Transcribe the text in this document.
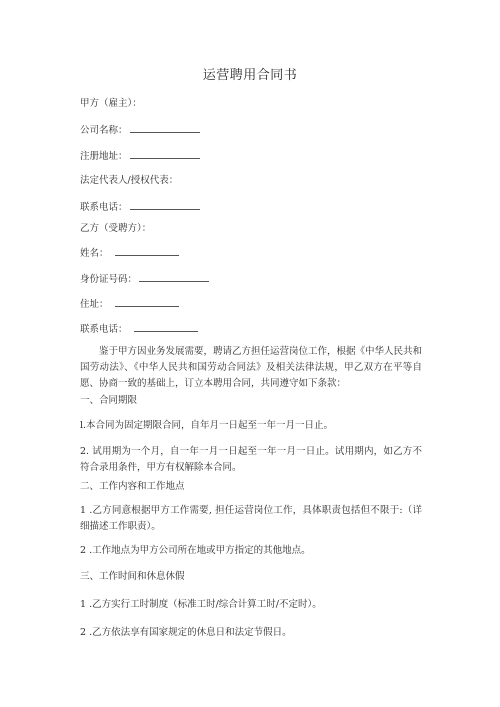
运营聘用合同书
甲方（雇主）：
公司名称：
注册地址：
法定代表人/授权代表：
联系电话：
乙方（受聘方）：
姓名：
身份证号码：
住址：
联系电话：
鉴于甲方因业务发展需要，聘请乙方担任运营岗位工作，根据《中华人民共和国劳动法》、《中华人民共和国劳动合同法》及相关法律法规，甲乙双方在平等自愿、协商一致的基础上，订立本聘用合同，共同遵守如下条款：
一、合同期限
l.本合同为固定期限合同，自年月一日起至一年一月一日止。
2. 试用期为一个月，自一年一月一日起至一年一月一日止。试用期内，如乙方不符合录用条件，甲方有权解除本合同。
二、工作内容和工作地点
1 .乙方同意根据甲方工作需要, 担任运营岗位工作，具体职责包括但不限于:（详细描述工作职责）。
2 .工作地点为甲方公司所在地或甲方指定的其他地点。
三、工作时间和休息休假
1 .乙方实行工时制度（标准工时/综合计算工时/不定时）。
2 .乙方依法享有国家规定的休息日和法定节假日。
